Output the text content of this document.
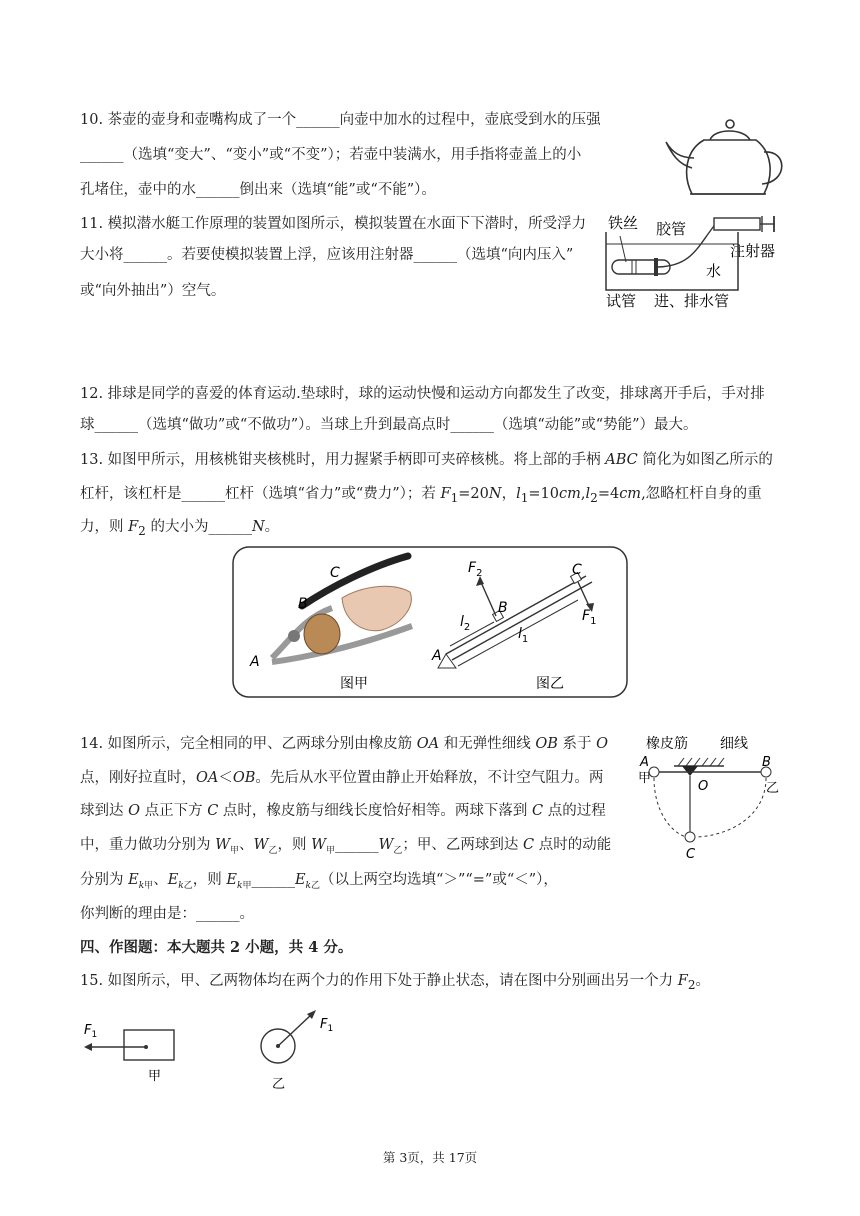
10. 茶壶的壶身和壶嘴构成了一个______向壶中加水的过程中，壶底受到水的压强
______（选填“变大”、“变小”或“不变”）；若壶中装满水，用手指将壶盖上的小
孔堵住，壶中的水______倒出来（选填“能”或“不能”）。
11. 模拟潜水艇工作原理的装置如图所示，模拟装置在水面下下潜时，所受浮力
大小将______。若要使模拟装置上浮，应该用注射器______（选填“向内压入”
或“向外抽出”）空气。
铁丝 胶管
注射器
水
试管 进、排水管
12. 排球是同学的喜爱的体育运动.垫球时，球的运动快慢和运动方向都发生了改变，排球离开手后，手对排
球______（选填“做功”或“不做功”）。当球上升到最高点时______（选填“动能”或“势能”）最大。
13. 如图甲所示，用核桃钳夹核桃时，用力握紧手柄即可夹碎核桃。将上部的手柄 ABC 简化为如图乙所示的
杠杆，该杠杆是______杠杆（选填“省力”或“费力”）；若 $F_1=20N$，$l_1=10cm,l_2=4cm$,忽略杠杆自身的重
力，则 $F_2$ 的大小为______N。
A
B
C
图甲
$F_2$
$F_1$
B
C
A
$l_2$	$l_1$
图乙
14. 如图所示，完全相同的甲、乙两球分别由橡皮筋 OA 和无弹性细线 OB 系于 O
点，刚好拉直时，OA＜OB。先后从水平位置由静止开始释放，不计空气阻力。两
球到达 O 点正下方 C 点时，橡皮筋与细线长度恰好相等。两球下落到 C 点的过程
中，重力做功分别为 $W_甲$、$W_乙$，则 $W_甲\_\_\_\_\_\_W_乙$；甲、乙两球到达 C 点时的动能
分别为 $E_{k甲}$、$E_{k乙}$，则 $E_{k甲}\_\_\_\_\_\_E_{k乙}$（以上两空均选填“＞”“=”或“＜”），
你判断的理由是：______。
橡皮筋 细线
A
甲
O
B
乙
C
四、作图题：本大题共 2 小题，共 4 分。
15. 如图所示，甲、乙两物体均在两个力的作用下处于静止状态，请在图中分别画出另一个力 $F_2$。
$F_1$
甲
$F_1$
乙
第 3页，共 17页
